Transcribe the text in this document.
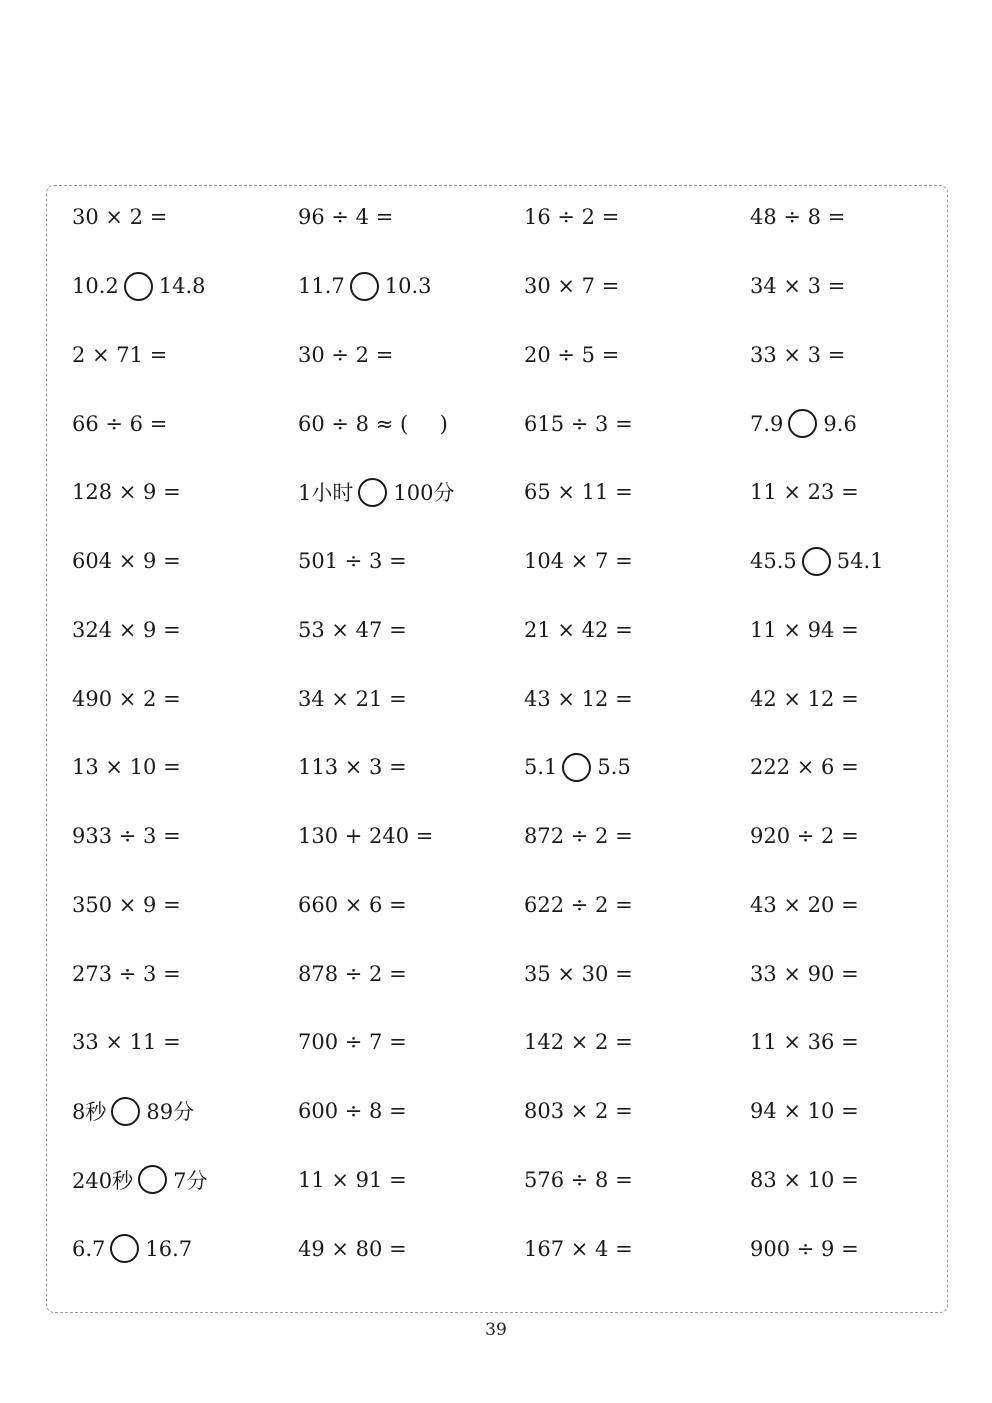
30 × 2 =	96 ÷ 4 =	16 ÷ 2 =	48 ÷ 8 =
10.2 14.8	11.7 10.3	30 × 7 =	34 × 3 =
2 × 71 =	30 ÷ 2 =	20 ÷ 5 =	33 × 3 =
66 ÷ 6 =	60 ÷ 8 ≈ (  )	615 ÷ 3 =	7.9 9.6
128 × 9 =	1小时 100分	65 × 11 =	11 × 23 =
604 × 9 =	501 ÷ 3 =	104 × 7 =	45.5 54.1
324 × 9 =	53 × 47 =	21 × 42 =	11 × 94 =
490 × 2 =	34 × 21 =	43 × 12 =	42 × 12 =
13 × 10 =	113 × 3 =	5.1 5.5	222 × 6 =
933 ÷ 3 =	130 + 240 =	872 ÷ 2 =	920 ÷ 2 =
350 × 9 =	660 × 6 =	622 ÷ 2 =	43 × 20 =
273 ÷ 3 =	878 ÷ 2 =	35 × 30 =	33 × 90 =
33 × 11 =	700 ÷ 7 =	142 × 2 =	11 × 36 =
8秒 89分	600 ÷ 8 =	803 × 2 =	94 × 10 =
240秒 7分	11 × 91 =	576 ÷ 8 =	83 × 10 =
6.7 16.7	49 × 80 =	167 × 4 =	900 ÷ 9 =
39
